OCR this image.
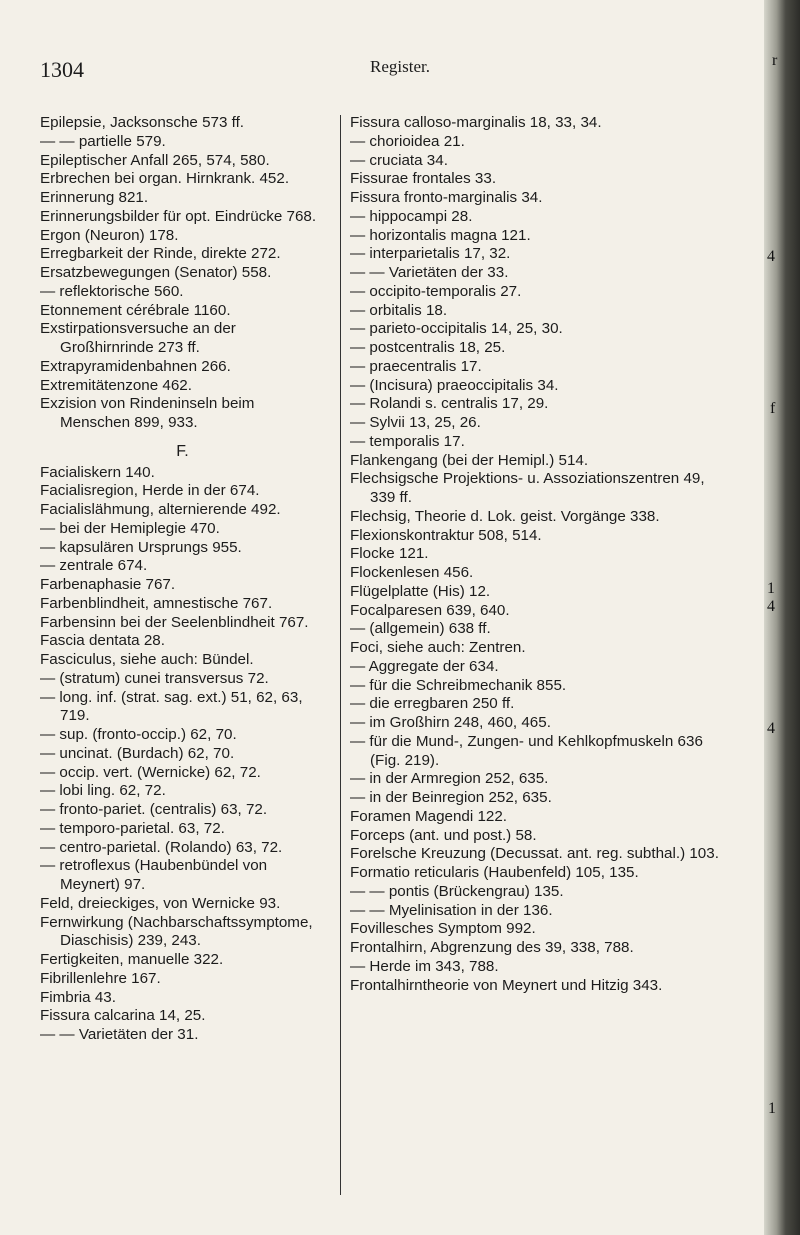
1304	Register.

Epilepsie, Jacksonsche 573 ff.

— — partielle 579.

Epileptischer Anfall 265, 574, 580.

Erbrechen bei organ. Hirnkrank. 452.

Erinnerung 821.

Erinnerungsbilder für opt. Eindrücke 768.

Ergon (Neuron) 178.

Erregbarkeit der Rinde, direkte 272.

Ersatzbewegungen (Senator) 558.

— reflektorische 560.

Etonnement cérébrale 1160.

Exstirpationsversuche an der Großhirnrinde 273 ff.

Extrapyramidenbahnen 266.

Extremitätenzone 462.

Exzision von Rindeninseln beim Menschen 899, 933.

F.

Facialiskern 140.

Facialisregion, Herde in der 674.

Facialislähmung, alternierende 492.

— bei der Hemiplegie 470.

— kapsulären Ursprungs 955.

— zentrale 674.

Farbenaphasie 767.

Farbenblindheit, amnestische 767.

Farbensinn bei der Seelenblindheit 767.

Fascia dentata 28.

Fasciculus, siehe auch: Bündel.

— (stratum) cunei transversus 72.

— long. inf. (strat. sag. ext.) 51, 62, 63, 719.

— sup. (fronto-occip.) 62, 70.

— uncinat. (Burdach) 62, 70.

— occip. vert. (Wernicke) 62, 72.

— lobi ling. 62, 72.

— fronto-pariet. (centralis) 63, 72.

— temporo-parietal. 63, 72.

— centro-parietal. (Rolando) 63, 72.

— retroflexus (Haubenbündel von Meynert) 97.

Feld, dreieckiges, von Wernicke 93.

Fernwirkung (Nachbarschaftssymptome, Diaschisis) 239, 243.

Fertigkeiten, manuelle 322.

Fibrillenlehre 167.

Fimbria 43.

Fissura calcarina 14, 25.

— — Varietäten der 31.

Fissura calloso-marginalis 18, 33, 34.

— chorioidea 21.

— cruciata 34.

Fissurae frontales 33.

Fissura fronto-marginalis 34.

— hippocampi 28.

— horizontalis magna 121.

— interparietalis 17, 32.

— — Varietäten der 33.

— occipito-temporalis 27.

— orbitalis 18.

— parieto-occipitalis 14, 25, 30.

— postcentralis 18, 25.

— praecentralis 17.

— (Incisura) praeoccipitalis 34.

— Rolandi s. centralis 17, 29.

— Sylvii 13, 25, 26.

— temporalis 17.

Flankengang (bei der Hemipl.) 514.

Flechsigsche Projektions- u. Assoziationszentren 49, 339 ff.

Flechsig, Theorie d. Lok. geist. Vorgänge 338.

Flexionskontraktur 508, 514.

Flocke 121.

Flockenlesen 456.

Flügelplatte (His) 12.

Focalparesen 639, 640.

— (allgemein) 638 ff.

Foci, siehe auch: Zentren.

— Aggregate der 634.

— für die Schreibmechanik 855.

— die erregbaren 250 ff.

— im Großhirn 248, 460, 465.

— für die Mund-, Zungen- und Kehlkopfmuskeln 636 (Fig. 219).

— in der Armregion 252, 635.

— in der Beinregion 252, 635.

Foramen Magendi 122.

Forceps (ant. und post.) 58.

Forelsche Kreuzung (Decussat. ant. reg. subthal.) 103.

Formatio reticularis (Haubenfeld) 105, 135.

— — pontis (Brückengrau) 135.

— — Myelinisation in der 136.

Fovillesches Symptom 992.

Frontalhirn, Abgrenzung des 39, 338, 788.

— Herde im 343, 788.

Frontalhirntheorie von Meynert und Hitzig 343.

r
4
f
1
4
4
1
